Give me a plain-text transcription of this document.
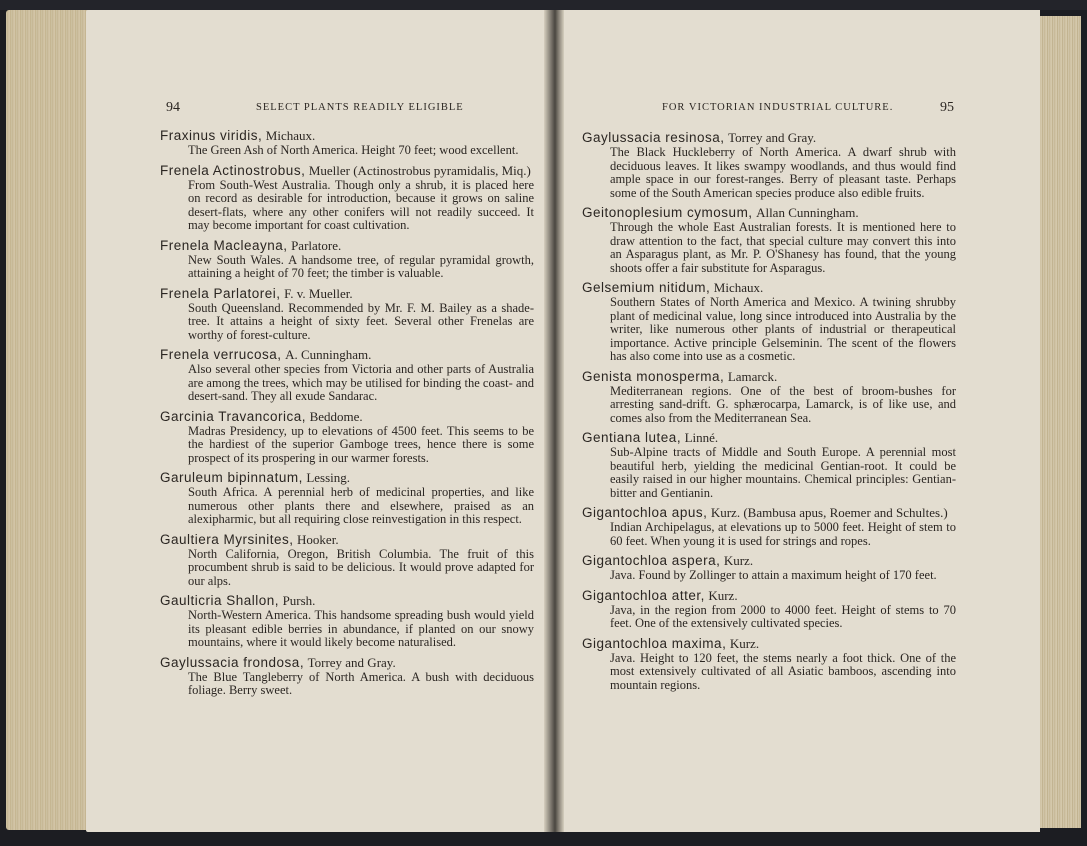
94	SELECT PLANTS READILY ELIGIBLE	FOR VICTORIAN INDUSTRIAL CULTURE.	95
Fraxinus viridis, Michaux.
The Green Ash of North America. Height 70 feet; wood excellent.
Frenela Actinostrobus, Mueller (Actinostrobus pyramidalis, Miq.)
From South-West Australia. Though only a shrub, it is placed here on record as desirable for introduction, because it grows on saline desert-flats, where any other conifers will not readily succeed. It may become important for coast cultivation.
Frenela Macleayna, Parlatore.
New South Wales. A handsome tree, of regular pyramidal growth, attaining a height of 70 feet; the timber is valuable.
Frenela Parlatorei, F. v. Mueller.
South Queensland. Recommended by Mr. F. M. Bailey as a shade-tree. It attains a height of sixty feet. Several other Frenelas are worthy of forest-culture.
Frenela verrucosa, A. Cunningham.
Also several other species from Victoria and other parts of Australia are among the trees, which may be utilised for binding the coast- and desert-sand. They all exude Sandarac.
Garcinia Travancorica, Beddome.
Madras Presidency, up to elevations of 4500 feet. This seems to be the hardiest of the superior Gamboge trees, hence there is some prospect of its prospering in our warmer forests.
Garuleum bipinnatum, Lessing.
South Africa. A perennial herb of medicinal properties, and like numerous other plants there and elsewhere, praised as an alexipharmic, but all requiring close reinvestigation in this respect.
Gaultiera Myrsinites, Hooker.
North California, Oregon, British Columbia. The fruit of this procumbent shrub is said to be delicious. It would prove adapted for our alps.
Gaulticria Shallon, Pursh.
North-Western America. This handsome spreading bush would yield its pleasant edible berries in abundance, if planted on our snowy mountains, where it would likely become naturalised.
Gaylussacia frondosa, Torrey and Gray.
The Blue Tangleberry of North America. A bush with deciduous foliage. Berry sweet.
Gaylussacia resinosa, Torrey and Gray.
The Black Huckleberry of North America. A dwarf shrub with deciduous leaves. It likes swampy woodlands, and thus would find ample space in our forest-ranges. Berry of pleasant taste. Perhaps some of the South American species produce also edible fruits.
Geitonoplesium cymosum, Allan Cunningham.
Through the whole East Australian forests. It is mentioned here to draw attention to the fact, that special culture may convert this into an Asparagus plant, as Mr. P. O'Shanesy has found, that the young shoots offer a fair substitute for Asparagus.
Gelsemium nitidum, Michaux.
Southern States of North America and Mexico. A twining shrubby plant of medicinal value, long since introduced into Australia by the writer, like numerous other plants of industrial or therapeutical importance. Active principle Gelseminin. The scent of the flowers has also come into use as a cosmetic.
Genista monosperma, Lamarck.
Mediterranean regions. One of the best of broom-bushes for arresting sand-drift. G. sphærocarpa, Lamarck, is of like use, and comes also from the Mediterranean Sea.
Gentiana lutea, Linné.
Sub-Alpine tracts of Middle and South Europe. A perennial most beautiful herb, yielding the medicinal Gentian-root. It could be easily raised in our higher mountains. Chemical principles: Gentian-bitter and Gentianin.
Gigantochloa apus, Kurz. (Bambusa apus, Roemer and Schultes.)
Indian Archipelagus, at elevations up to 5000 feet. Height of stem to 60 feet. When young it is used for strings and ropes.
Gigantochloa aspera, Kurz.
Java. Found by Zollinger to attain a maximum height of 170 feet.
Gigantochloa atter, Kurz.
Java, in the region from 2000 to 4000 feet. Height of stems to 70 feet. One of the extensively cultivated species.
Gigantochloa maxima, Kurz.
Java. Height to 120 feet, the stems nearly a foot thick. One of the most extensively cultivated of all Asiatic bamboos, ascending into mountain regions.
